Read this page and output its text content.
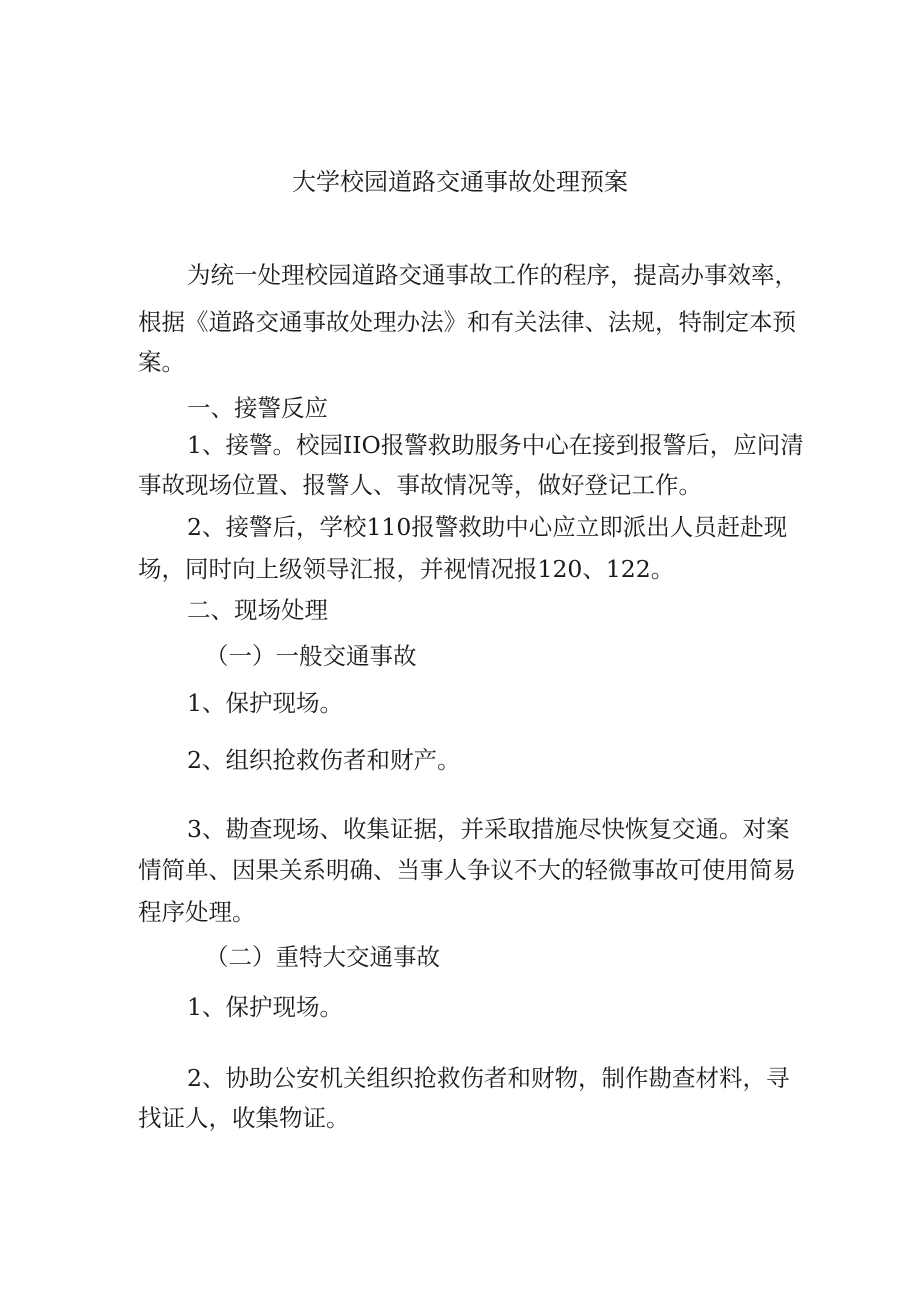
大学校园道路交通事故处理预案
为统一处理校园道路交通事故工作的程序，提高办事效率，
根据《道路交通事故处理办法》和有关法律、法规，特制定本预
案。
一、接警反应
1、接警。校园IIO报警救助服务中心在接到报警后，应问清
事故现场位置、报警人、事故情况等，做好登记工作。
2、接警后，学校110报警救助中心应立即派出人员赶赴现
场，同时向上级领导汇报，并视情况报120、122。
二、现场处理
（一）一般交通事故
1、保护现场。
2、组织抢救伤者和财产。
3、勘查现场、收集证据，并采取措施尽快恢复交通。对案
情简单、因果关系明确、当事人争议不大的轻微事故可使用简易
程序处理。
（二）重特大交通事故
1、保护现场。
2、协助公安机关组织抢救伤者和财物，制作勘查材料，寻
找证人，收集物证。
